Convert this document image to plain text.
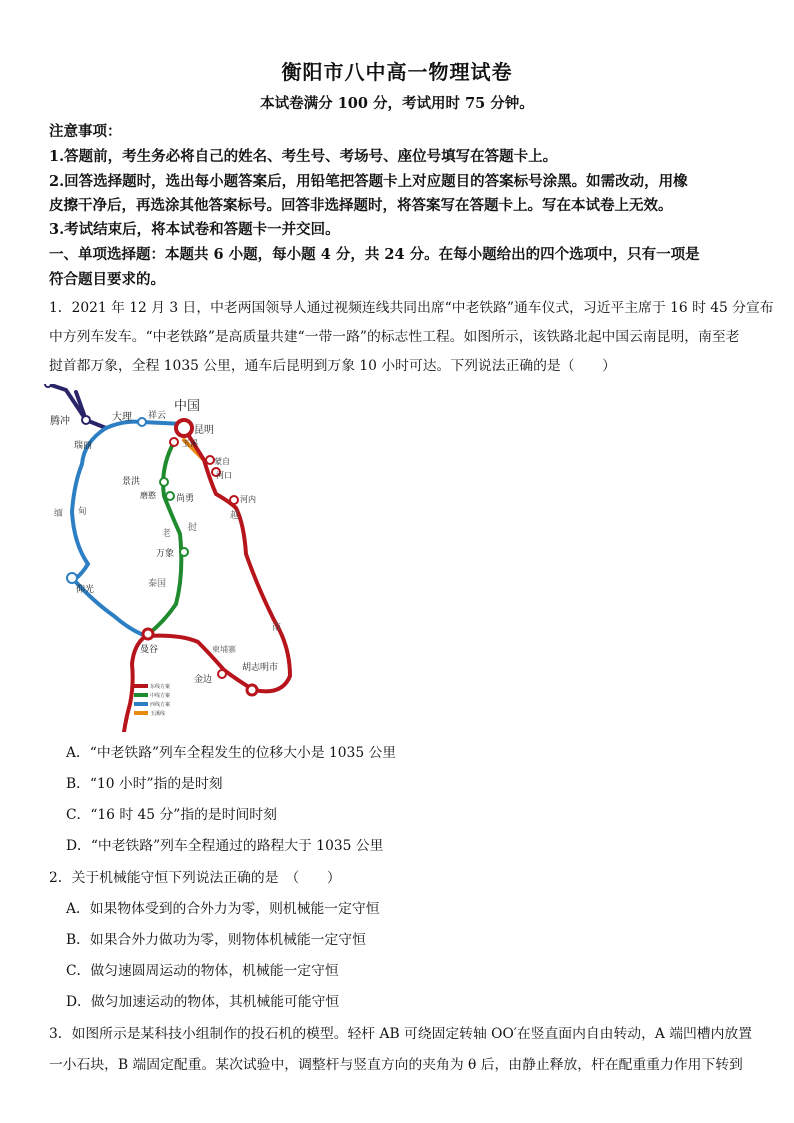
衡阳市八中高一物理试卷
本试卷满分 100 分，考试用时 75 分钟。
注意事项：
1.答题前，考生务必将自己的姓名、考生号、考场号、座位号填写在答题卡上。
2.回答选择题时，选出每小题答案后，用铅笔把答题卡上对应题目的答案标号涂黑。如需改动，用橡
皮擦干净后，再选涂其他答案标号。回答非选择题时，将答案写在答题卡上。写在本试卷上无效。
3.考试结束后，将本试卷和答题卡一并交回。
一、单项选择题：本题共 6 小题，每小题 4 分，共 24 分。在每小题给出的四个选项中，只有一项是
符合题目要求的。
1．2021 年 12 月 3 日，中老两国领导人通过视频连线共同出席“中老铁路”通车仪式，习近平主席于 16 时 45 分宣布
中方列车发车。“中老铁路”是高质量共建“一带一路”的标志性工程。如图所示，该铁路北起中国云南昆明，南至老
挝首都万象，全程 1035 公里，通车后昆明到万象 10 小时可达。下列说法正确的是（　　）
中国
昆明
腾冲	大理 祥云
瑞丽	玉溪
蒙自
河口
景洪
磨憨 尚勇	河内
越
老
挝
万象
泰国
缅 甸
仰光
南
曼谷	柬埔寨
胡志明市
金边
东线方案
中线方案
西线方案
玉溪线
A．“中老铁路”列车全程发生的位移大小是 1035 公里
B．“10 小时”指的是时刻
C．“16 时 45 分”指的是时间时刻
D．“中老铁路”列车全程通过的路程大于 1035 公里
2．关于机械能守恒下列说法正确的是　（　　）
A．如果物体受到的合外力为零，则机械能一定守恒
B．如果合外力做功为零，则物体机械能一定守恒
C．做匀速圆周运动的物体，机械能一定守恒
D．做匀加速运动的物体，其机械能可能守恒
3．如图所示是某科技小组制作的投石机的模型。轻杆 AB 可绕固定转轴 OO′在竖直面内自由转动，A 端凹槽内放置
一小石块，B 端固定配重。某次试验中，调整杆与竖直方向的夹角为 θ 后，由静止释放，杆在配重重力作用下转到
